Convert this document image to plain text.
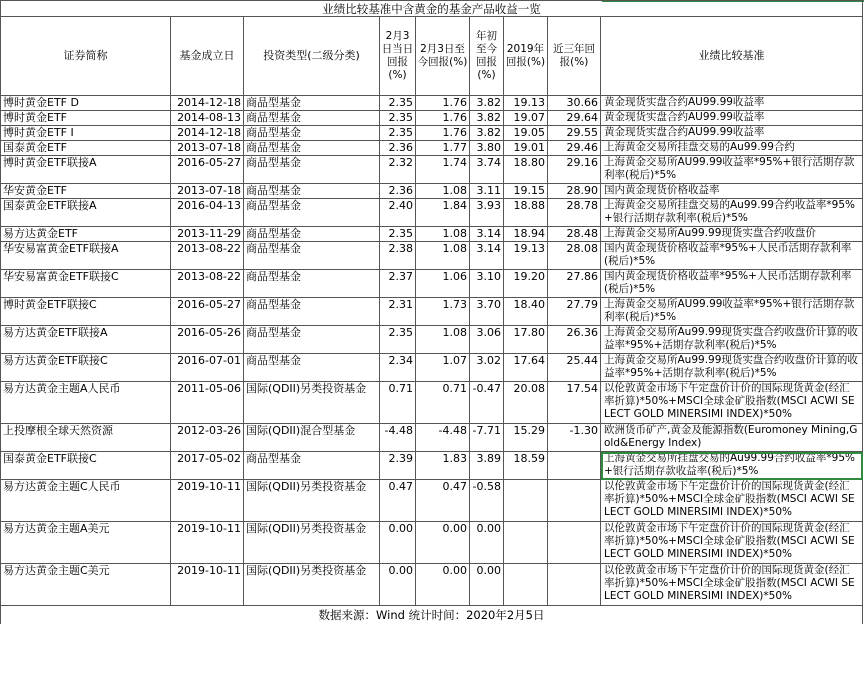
业绩比较基准中含黄金的基金产品收益一览								
证券简称	基金成立日	投资类型(二级分类)	2月3日当日回报(%)	2月3日至今回报(%)	年初至今回报(%)	2019年回报(%)	近三年回报(%)	业绩比较基准
博时黄金ETF D	2014-12-18	商品型基金	2.35	1.76	3.82	19.13	30.66	黄金现货实盘合约AU99.99收益率
博时黄金ETF	2014-08-13	商品型基金	2.35	1.76	3.82	19.07	29.64	黄金现货实盘合约AU99.99收益率
博时黄金ETF I	2014-12-18	商品型基金	2.35	1.76	3.82	19.05	29.55	黄金现货实盘合约AU99.99收益率
国泰黄金ETF	2013-07-18	商品型基金	2.36	1.77	3.80	19.01	29.46	上海黄金交易所挂盘交易的Au99.99合约
博时黄金ETF联接A	2016-05-27	商品型基金	2.32	1.74	3.74	18.80	29.16	上海黄金交易所AU99.99收益率*95%+银行活期存款利率(税后)*5%
华安黄金ETF	2013-07-18	商品型基金	2.36	1.08	3.11	19.15	28.90	国内黄金现货价格收益率
国泰黄金ETF联接A	2016-04-13	商品型基金	2.40	1.84	3.93	18.88	28.78	上海黄金交易所挂盘交易的Au99.99合约收益率*95%+银行活期存款利率(税后)*5%
易方达黄金ETF	2013-11-29	商品型基金	2.35	1.08	3.14	18.94	28.48	上海黄金交易所Au99.99现货实盘合约收盘价
华安易富黄金ETF联接A	2013-08-22	商品型基金	2.38	1.08	3.14	19.13	28.08	国内黄金现货价格收益率*95%+人民币活期存款利率(税后)*5%
华安易富黄金ETF联接C	2013-08-22	商品型基金	2.37	1.06	3.10	19.20	27.86	国内黄金现货价格收益率*95%+人民币活期存款利率(税后)*5%
博时黄金ETF联接C	2016-05-27	商品型基金	2.31	1.73	3.70	18.40	27.79	上海黄金交易所AU99.99收益率*95%+银行活期存款利率(税后)*5%
易方达黄金ETF联接A	2016-05-26	商品型基金	2.35	1.08	3.06	17.80	26.36	上海黄金交易所Au99.99现货实盘合约收盘价计算的收益率*95%+活期存款利率(税后)*5%
易方达黄金ETF联接C	2016-07-01	商品型基金	2.34	1.07	3.02	17.64	25.44	上海黄金交易所Au99.99现货实盘合约收盘价计算的收益率*95%+活期存款利率(税后)*5%
易方达黄金主题A人民币	2011-05-06	国际(QDII)另类投资基金	0.71	0.71	-0.47	20.08	17.54	以伦敦黄金市场下午定盘价计价的国际现货黄金(经汇率折算)*50%+MSCI全球金矿股指数(MSCI ACWI SELECT GOLD MINERSIMI INDEX)*50%
上投摩根全球天然资源	2012-03-26	国际(QDII)混合型基金	-4.48	-4.48	-7.71	15.29	-1.30	欧洲货币矿产,黄金及能源指数(Euromoney Mining,Gold&Energy Index)
国泰黄金ETF联接C	2017-05-02	商品型基金	2.39	1.83	3.89	18.59		上海黄金交易所挂盘交易的Au99.99合约收益率*95%+银行活期存款收益率(税后)*5%
易方达黄金主题C人民币	2019-10-11	国际(QDII)另类投资基金	0.47	0.47	-0.58			以伦敦黄金市场下午定盘价计价的国际现货黄金(经汇率折算)*50%+MSCI全球金矿股指数(MSCI ACWI SELECT GOLD MINERSIMI INDEX)*50%
易方达黄金主题A美元	2019-10-11	国际(QDII)另类投资基金	0.00	0.00	0.00			以伦敦黄金市场下午定盘价计价的国际现货黄金(经汇率折算)*50%+MSCI全球金矿股指数(MSCI ACWI SELECT GOLD MINERSIMI INDEX)*50%
易方达黄金主题C美元	2019-10-11	国际(QDII)另类投资基金	0.00	0.00	0.00			以伦敦黄金市场下午定盘价计价的国际现货黄金(经汇率折算)*50%+MSCI全球金矿股指数(MSCI ACWI SELECT GOLD MINERSIMI INDEX)*50%
数据来源：Wind 统计时间：2020年2月5日								
